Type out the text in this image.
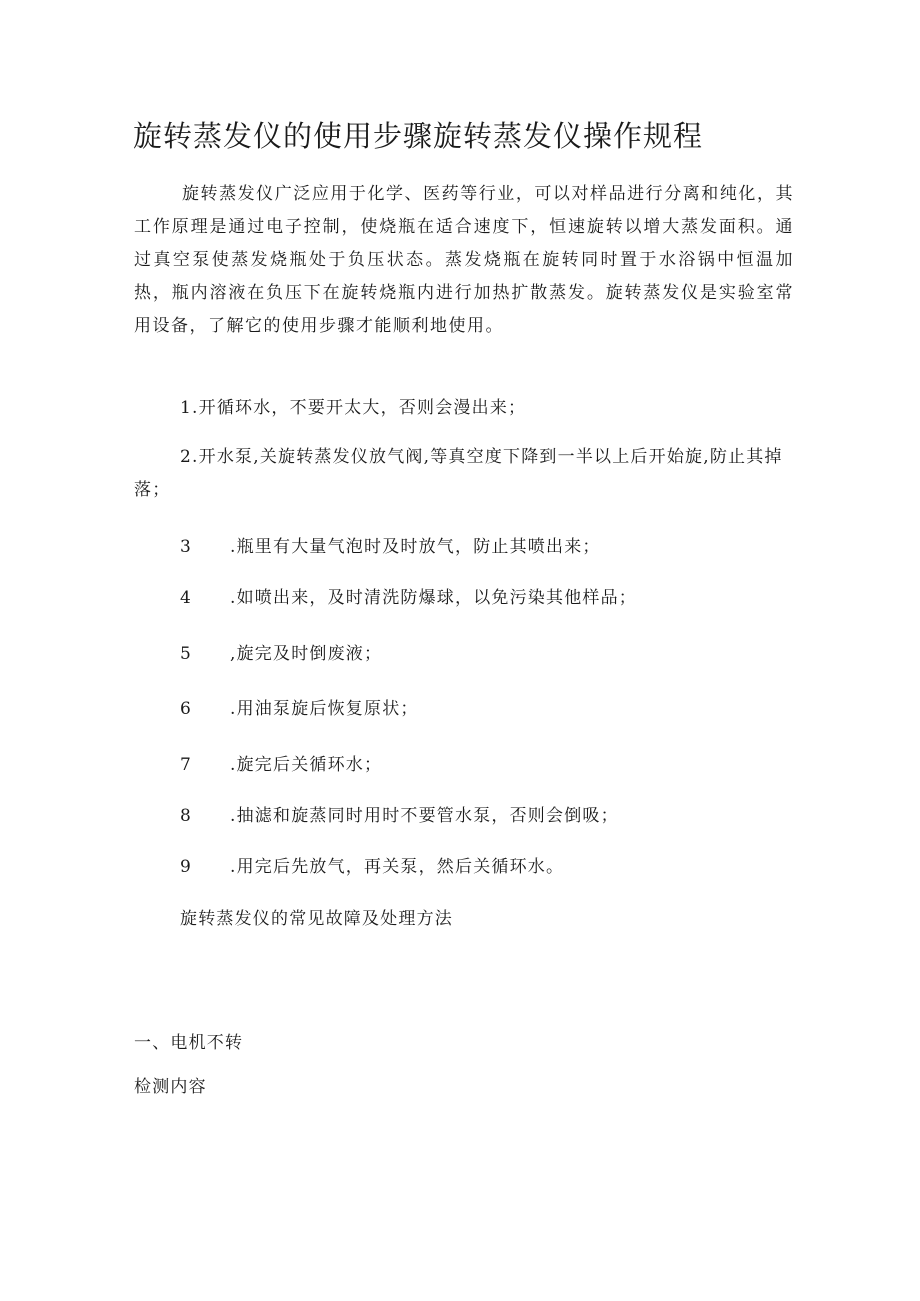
旋转蒸发仪的使用步骤旋转蒸发仪操作规程

旋转蒸发仪广泛应用于化学、医药等行业，可以对样品进行分离和纯化，其工作原理是通过电子控制，使烧瓶在适合速度下，恒速旋转以增大蒸发面积。通过真空泵使蒸发烧瓶处于负压状态。蒸发烧瓶在旋转同时置于水浴锅中恒温加热，瓶内溶液在负压下在旋转烧瓶内进行加热扩散蒸发。旋转蒸发仪是实验室常用设备，了解它的使用步骤才能顺利地使用。

1.开循环水，不要开太大，否则会漫出来；

2.开水泵,关旋转蒸发仪放气阀,等真空度下降到一半以上后开始旋,防止其掉落；

3 .瓶里有大量气泡时及时放气，防止其喷出来；
4 .如喷出来，及时清洗防爆球，以免污染其他样品；
5 ,旋完及时倒废液；
6 .用油泵旋后恢复原状；
7 .旋完后关循环水；
8 .抽滤和旋蒸同时用时不要管水泵，否则会倒吸；
9 .用完后先放气，再关泵，然后关循环水。

旋转蒸发仪的常见故障及处理方法

一、电机不转

检测内容
